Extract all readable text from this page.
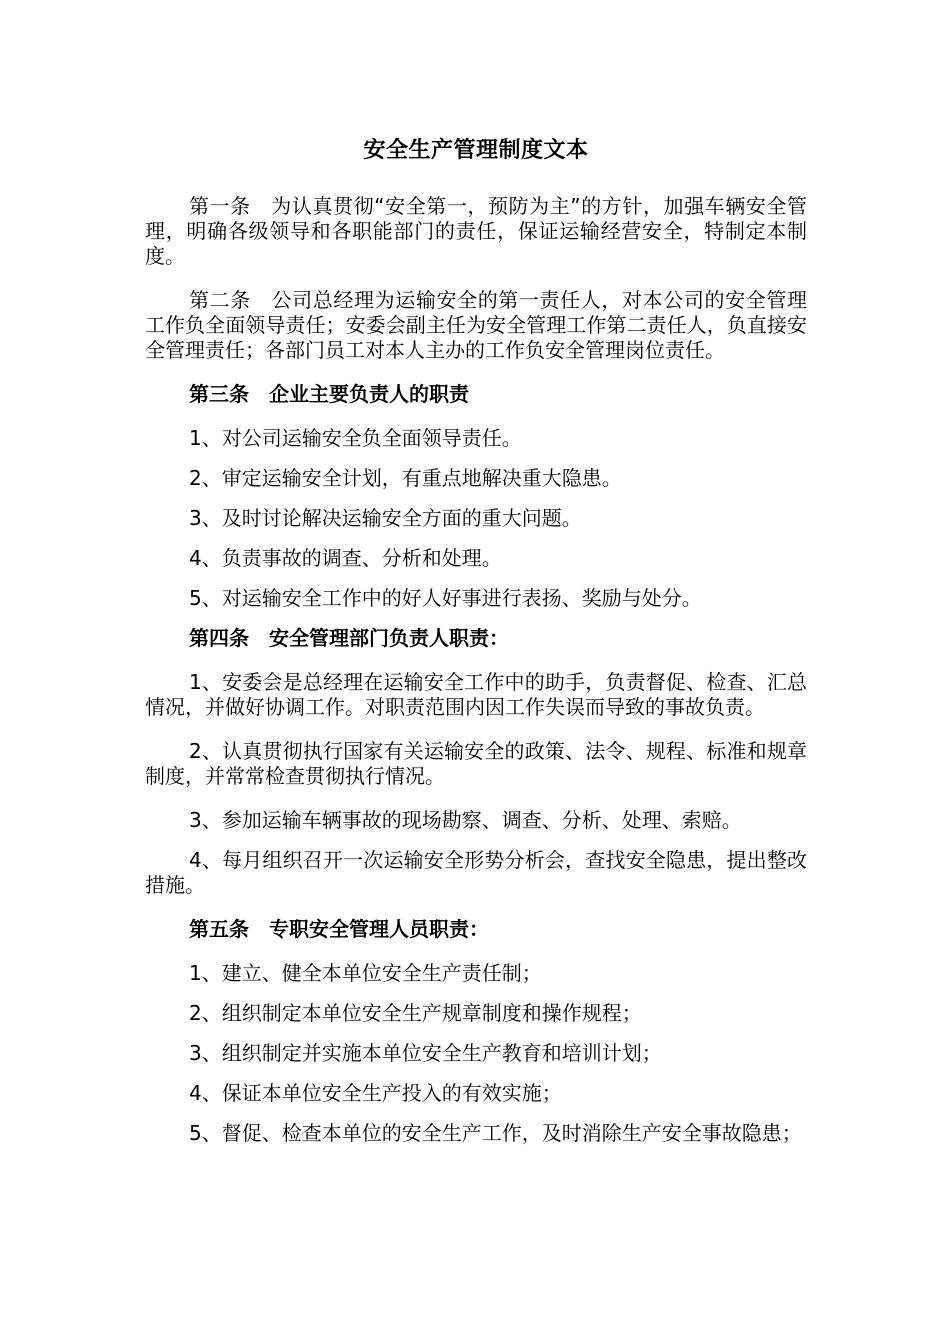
安全生产管理制度文本

第一条　为认真贯彻“安全第一，预防为主”的方针，加强车辆安全管理，明确各级领导和各职能部门的责任，保证运输经营安全，特制定本制度。

第二条　公司总经理为运输安全的第一责任人，对本公司的安全管理工作负全面领导责任；安委会副主任为安全管理工作第二责任人，负直接安全管理责任；各部门员工对本人主办的工作负安全管理岗位责任。

第三条　企业主要负责人的职责

1、对公司运输安全负全面领导责任。

2、审定运输安全计划，有重点地解决重大隐患。

3、及时讨论解决运输安全方面的重大问题。

4、负责事故的调查、分析和处理。

5、对运输安全工作中的好人好事进行表扬、奖励与处分。

第四条　安全管理部门负责人职责：

1、安委会是总经理在运输安全工作中的助手，负责督促、检查、汇总情况，并做好协调工作。对职责范围内因工作失误而导致的事故负责。

2、认真贯彻执行国家有关运输安全的政策、法令、规程、标准和规章制度，并常常检查贯彻执行情况。

3、参加运输车辆事故的现场勘察、调查、分析、处理、索赔。

4、每月组织召开一次运输安全形势分析会，查找安全隐患，提出整改措施。

第五条　专职安全管理人员职责：

1、建立、健全本单位安全生产责任制；

2、组织制定本单位安全生产规章制度和操作规程；

3、组织制定并实施本单位安全生产教育和培训计划；

4、保证本单位安全生产投入的有效实施；

5、督促、检查本单位的安全生产工作，及时消除生产安全事故隐患；
